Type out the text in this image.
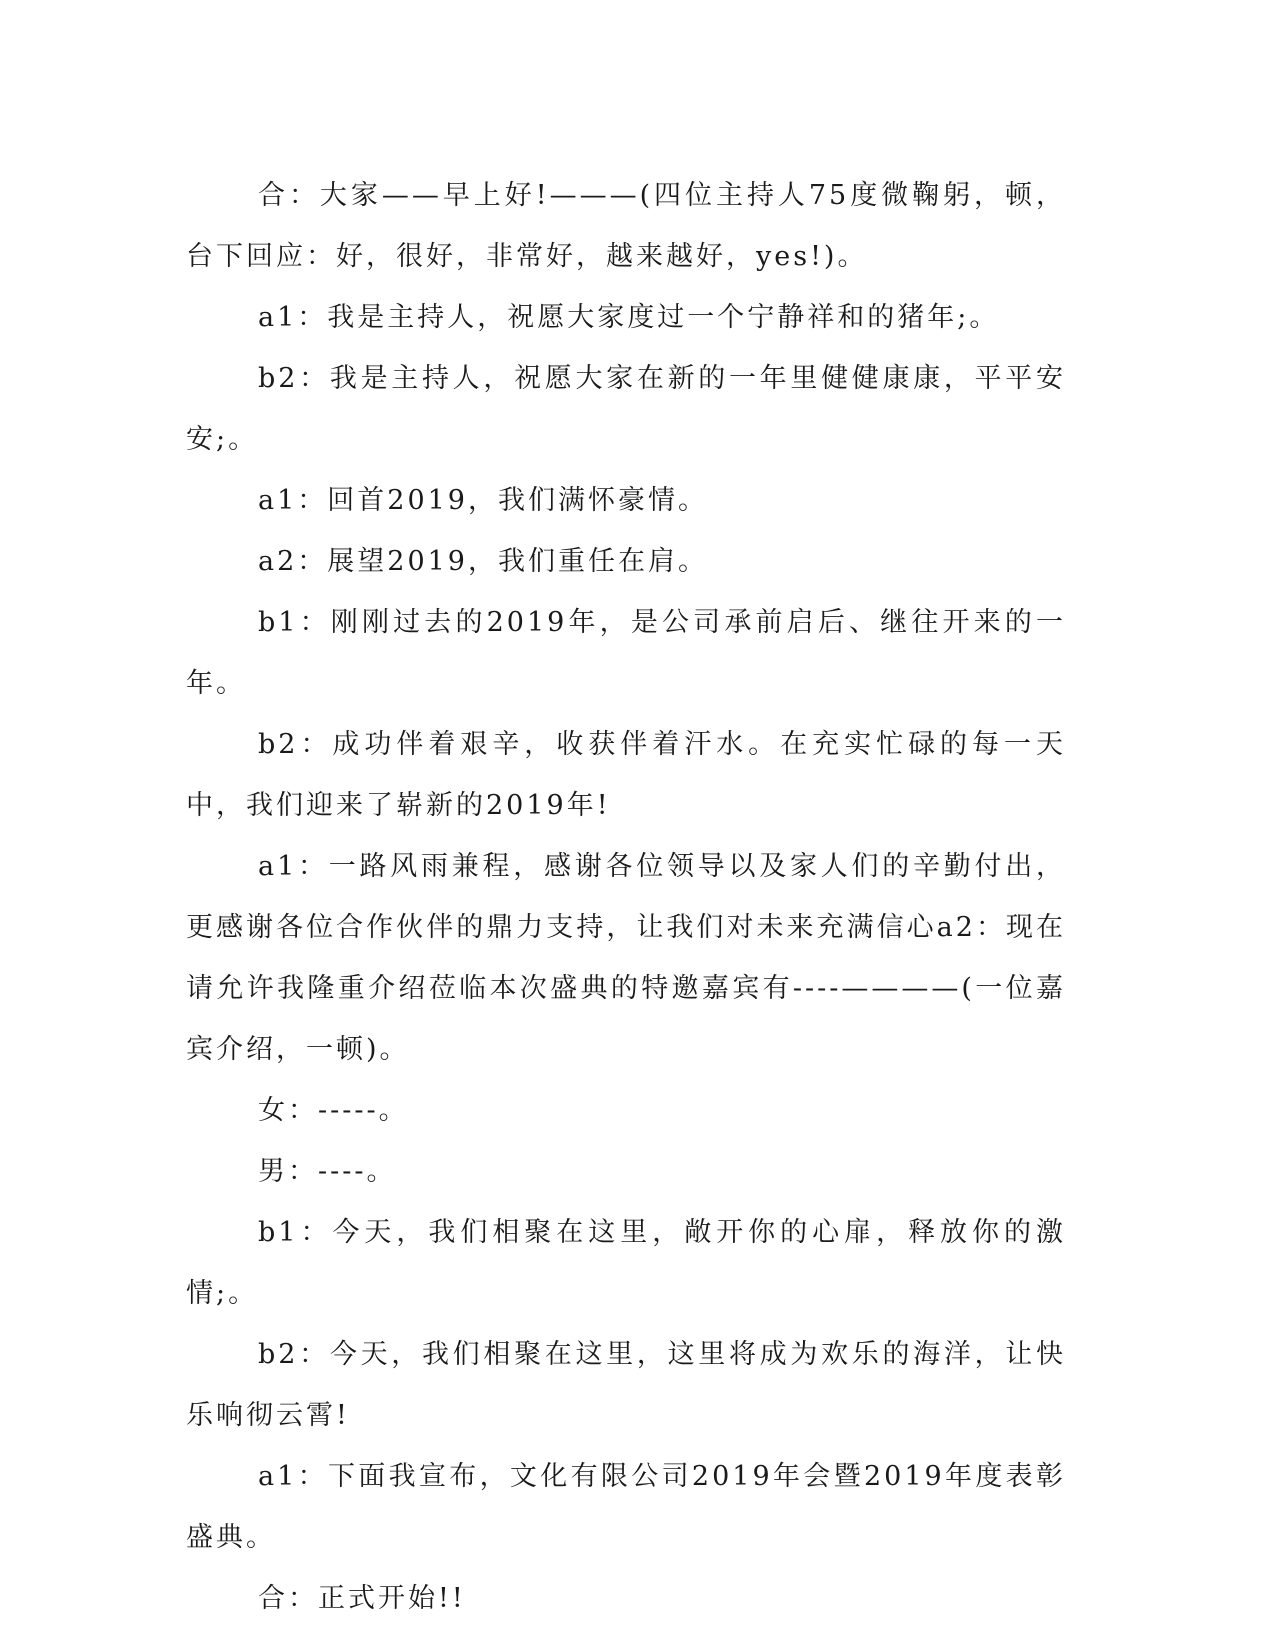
合：大家——早上好!———(四位主持人75度微鞠躬，顿，台下回应：好，很好，非常好，越来越好，yes!)。

a1：我是主持人，祝愿大家度过一个宁静祥和的猪年;。

b2：我是主持人，祝愿大家在新的一年里健健康康，平平安安;。

a1：回首2019，我们满怀豪情。

a2：展望2019，我们重任在肩。

b1：刚刚过去的2019年，是公司承前启后、继往开来的一年。

b2：成功伴着艰辛，收获伴着汗水。在充实忙碌的每一天中，我们迎来了崭新的2019年!

a1：一路风雨兼程，感谢各位领导以及家人们的辛勤付出，更感谢各位合作伙伴的鼎力支持，让我们对未来充满信心a2：现在请允许我隆重介绍莅临本次盛典的特邀嘉宾有----————(一位嘉宾介绍，一顿)。

女：-----。

男：----。

b1：今天，我们相聚在这里，敞开你的心扉，释放你的激情;。

b2：今天，我们相聚在这里，这里将成为欢乐的海洋，让快乐响彻云霄!

a1：下面我宣布，文化有限公司2019年会暨2019年度表彰盛典。

合：正式开始!!
